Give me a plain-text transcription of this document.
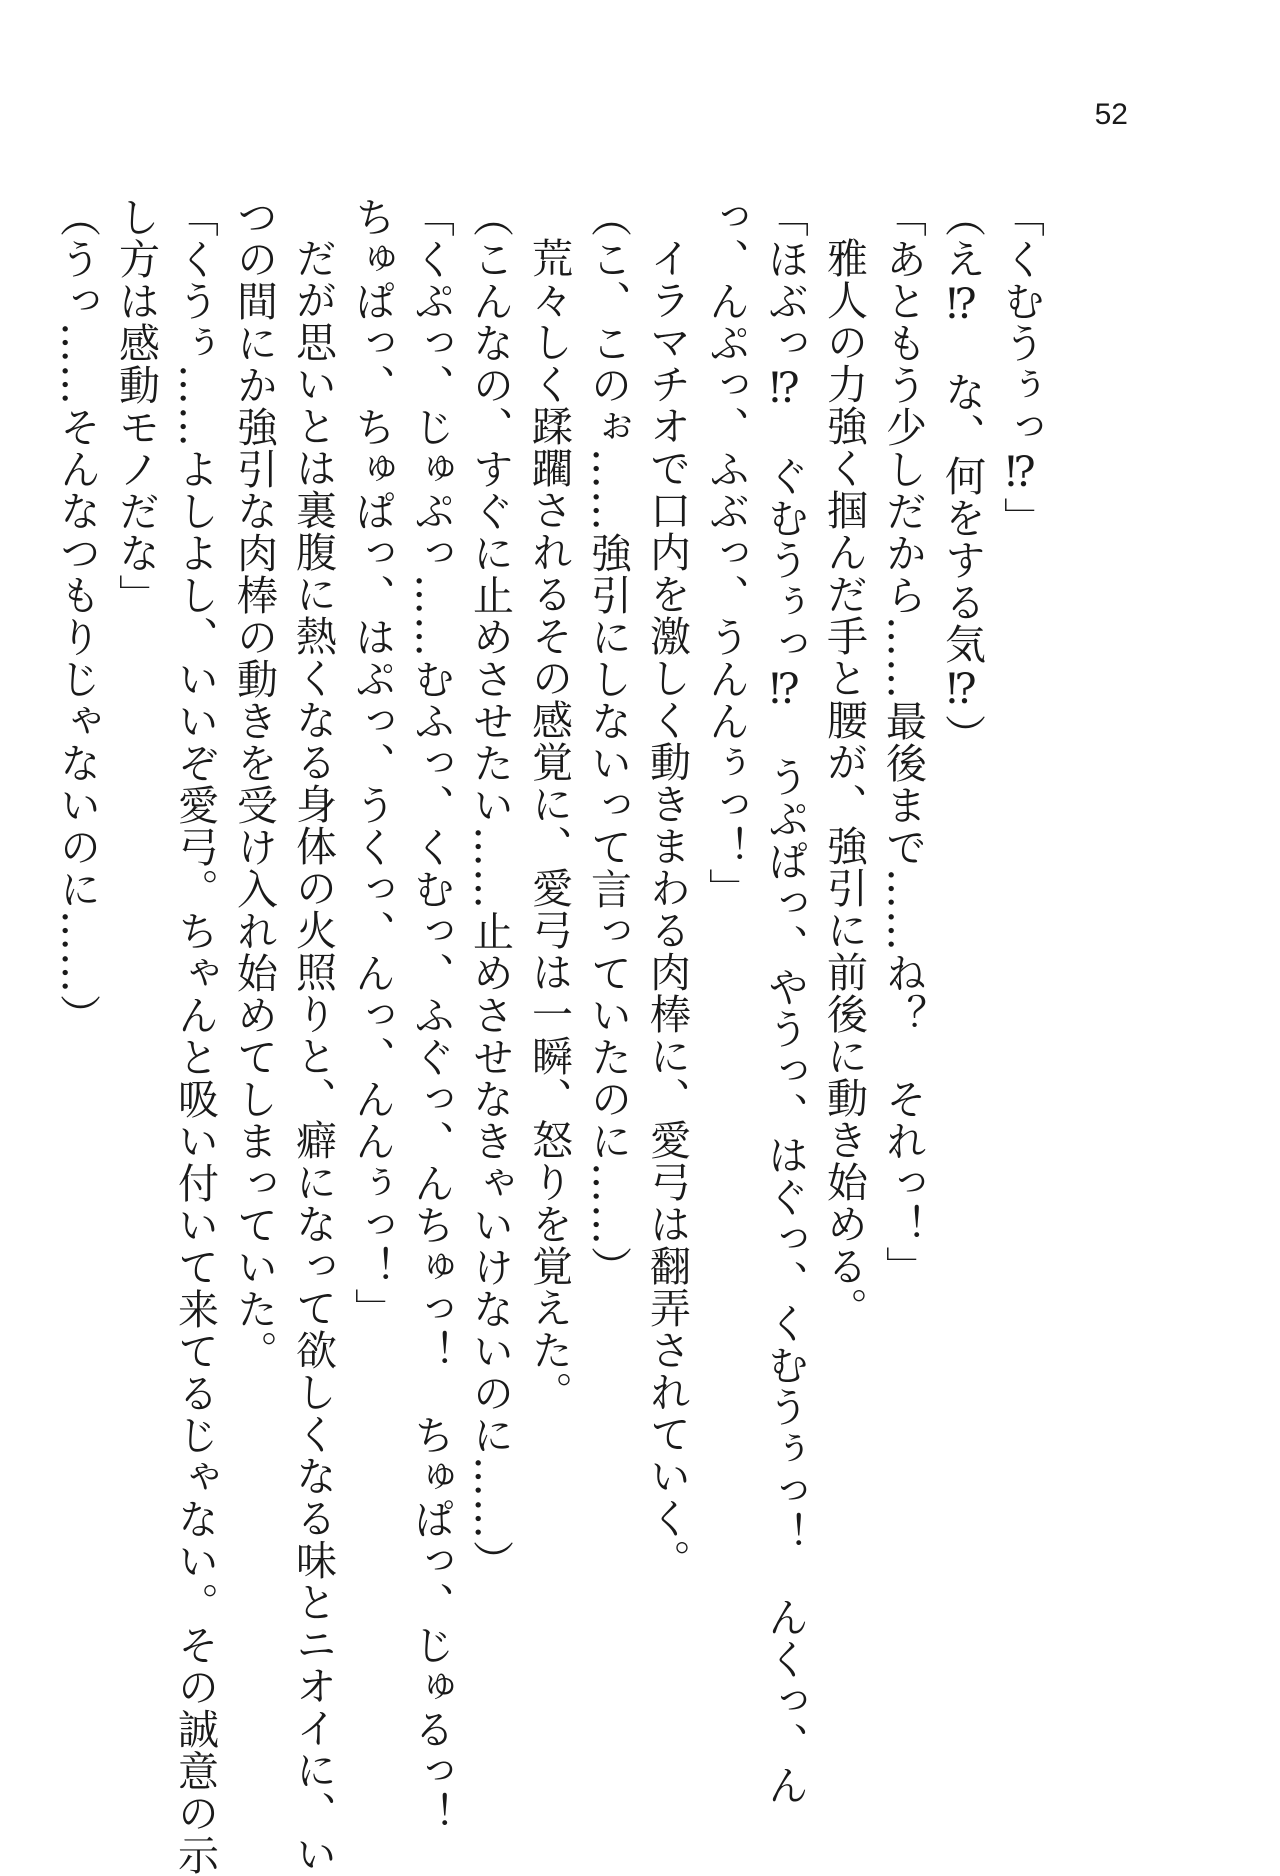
52

「くむうぅっ⁉」

（え⁉　な、何をする気⁉）

「あともう少しだから……最後まで……ね？　それっ！」

雅人の力強く掴んだ手と腰が、強引に前後に動き始める。

「ほぶっ⁉　ぐむうぅっ⁉　うぷぱっ、やうっ、はぐっ、くむうぅっ！　んくっ、ん

っ、んぷっ、ふぶっ、うんんぅっ！」

イラマチオで口内を激しく動きまわる肉棒に、愛弓は翻弄されていく。

（こ、このぉ……強引にしないって言っていたのに……）

荒々しく蹂躙されるその感覚に、愛弓は一瞬、怒りを覚えた。

（こんなの、すぐに止めさせたい……止めさせなきゃいけないのに……）

「くぷっ、じゅぷっ……むふっ、くむっ、ふぐっ、んちゅっ！　ちゅぱっ、じゅるっ！

ちゅぱっ、ちゅぱっ、はぷっ、うくっ、んっ、んんぅっ！」

だが思いとは裏腹に熱くなる身体の火照りと、癖になって欲しくなる味とニオイに、い

つの間にか強引な肉棒の動きを受け入れ始めてしまっていた。

「くうぅ……よしよし、いいぞ愛弓。ちゃんと吸い付いて来てるじゃない。その誠意の示

し方は感動モノだな」

（うっ……そんなつもりじゃないのに……）
